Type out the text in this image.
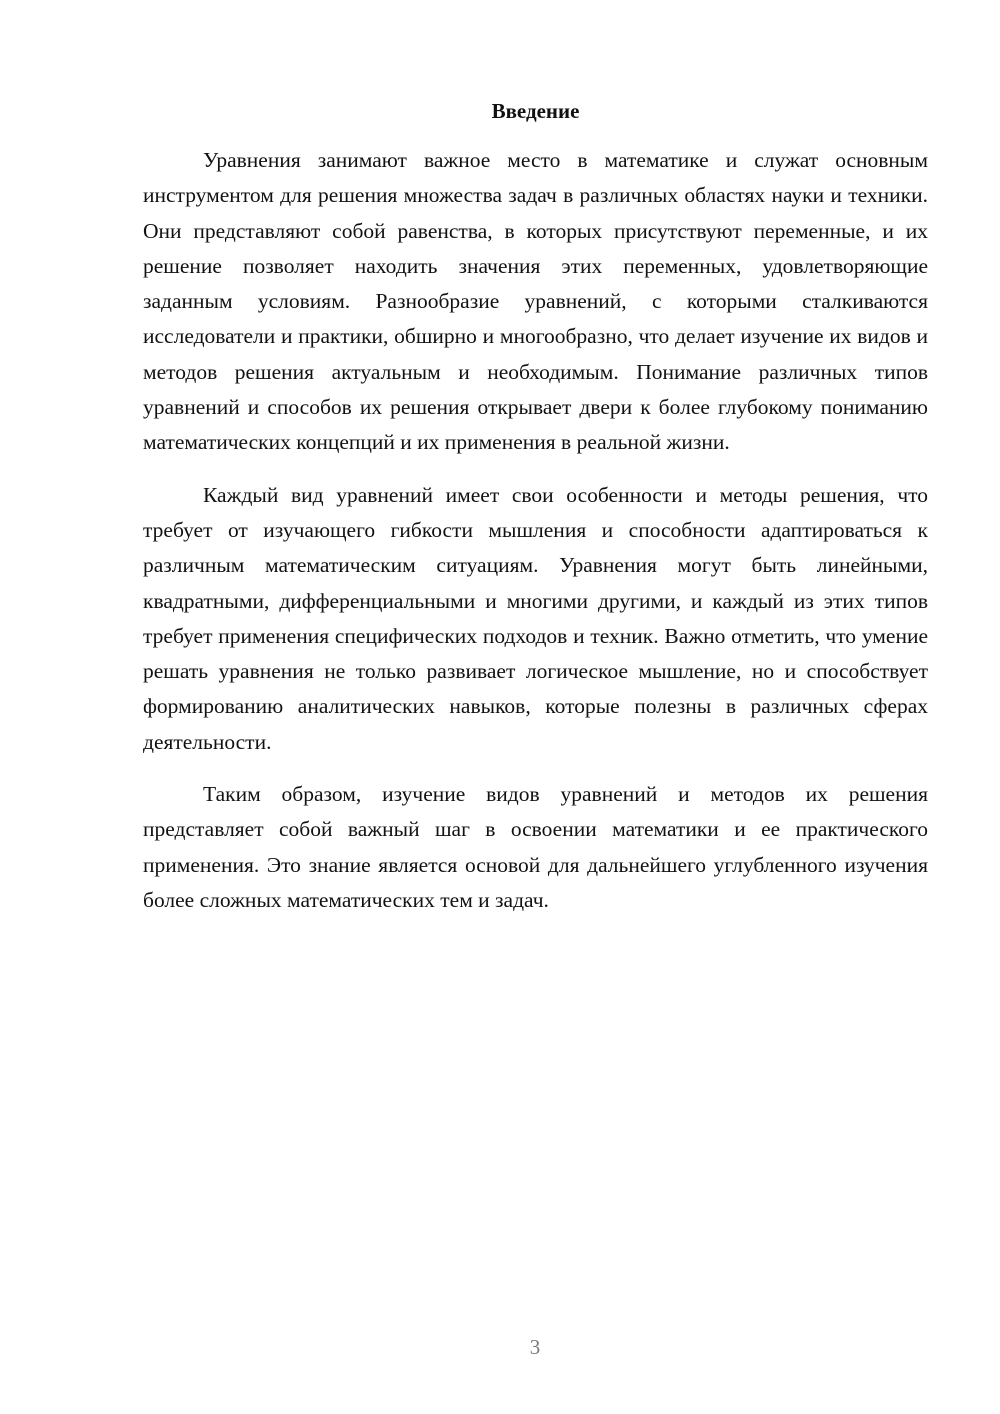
Введение

Уравнения занимают важное место в математике и служат основным инструментом для решения множества задач в различных областях науки и техники. Они представляют собой равенства, в которых присутствуют переменные, и их решение позволяет находить значения этих переменных, удовлетворяющие заданным условиям. Разнообразие уравнений, с которыми сталкиваются исследователи и практики, обширно и многообразно, что делает изучение их видов и методов решения актуальным и необходимым. Понимание различных типов уравнений и способов их решения открывает двери к более глубокому пониманию математических концепций и их применения в реальной жизни.

Каждый вид уравнений имеет свои особенности и методы решения, что требует от изучающего гибкости мышления и способности адаптироваться к различным математическим ситуациям. Уравнения могут быть линейными, квадратными, дифференциальными и многими другими, и каждый из этих типов требует применения специфических подходов и техник. Важно отметить, что умение решать уравнения не только развивает логическое мышление, но и способствует формированию аналитических навыков, которые полезны в различных сферах деятельности.

Таким образом, изучение видов уравнений и методов их решения представляет собой важный шаг в освоении математики и ее практического применения. Это знание является основой для дальнейшего углубленного изучения более сложных математических тем и задач.

3
